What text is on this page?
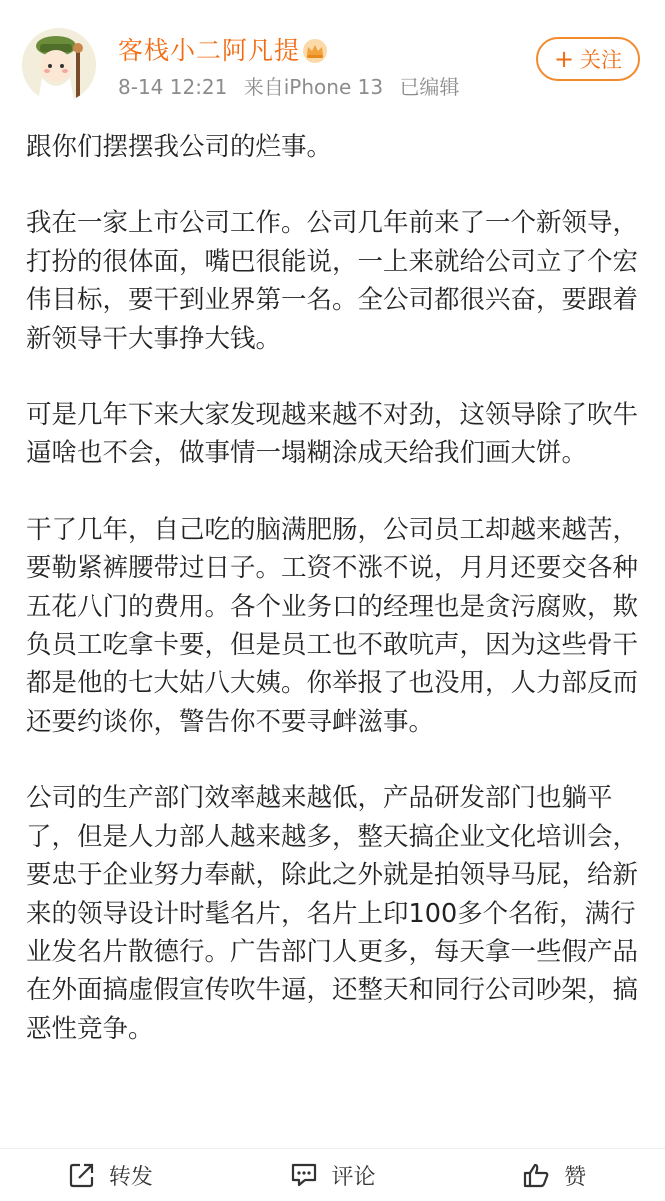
客栈小二阿凡提
8-14 12:21 来自iPhone 13 已编辑
+ 关注

跟你们摆摆我公司的烂事。

我在一家上市公司工作。公司几年前来了一个新领导，打扮的很体面，嘴巴很能说，一上来就给公司立了个宏伟目标，要干到业界第一名。全公司都很兴奋，要跟着新领导干大事挣大钱。

可是几年下来大家发现越来越不对劲，这领导除了吹牛逼啥也不会，做事情一塌糊涂成天给我们画大饼。

干了几年，自己吃的脑满肥肠，公司员工却越来越苦，要勒紧裤腰带过日子。工资不涨不说，月月还要交各种五花八门的费用。各个业务口的经理也是贪污腐败，欺负员工吃拿卡要，但是员工也不敢吭声，因为这些骨干都是他的七大姑八大姨。你举报了也没用，人力部反而还要约谈你，警告你不要寻衅滋事。

公司的生产部门效率越来越低，产品研发部门也躺平了，但是人力部人越来越多，整天搞企业文化培训会，要忠于企业努力奉献，除此之外就是拍领导马屁，给新来的领导设计时髦名片，名片上印100多个名衔，满行业发名片散德行。广告部门人更多，每天拿一些假产品在外面搞虚假宣传吹牛逼，还整天和同行公司吵架，搞恶性竞争。

转发	评论	赞
